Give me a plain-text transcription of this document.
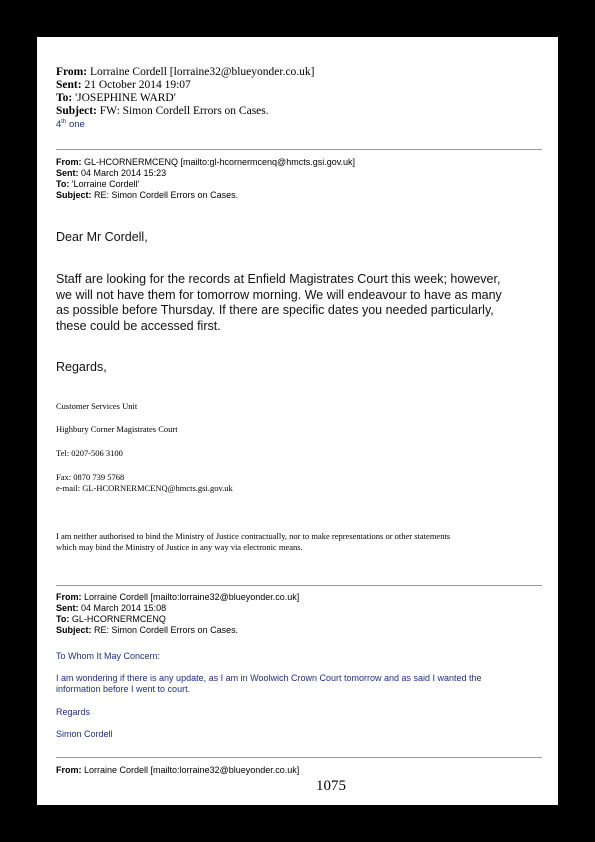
From: Lorraine Cordell [lorraine32@blueyonder.co.uk]
Sent: 21 October 2014 19:07
To: 'JOSEPHINE WARD'
Subject: FW: Simon Cordell Errors on Cases.
4th one
From: GL-HCORNERMCENQ [mailto:gl-hcornermcenq@hmcts.gsi.gov.uk]
Sent: 04 March 2014 15:23
To: 'Lorraine Cordell'
Subject: RE: Simon Cordell Errors on Cases.
Dear Mr Cordell,
Staff are looking for the records at Enfield Magistrates Court this week; however,
we will not have them for tomorrow morning. We will endeavour to have as many
as possible before Thursday. If there are specific dates you needed particularly,
these could be accessed first.
Regards,
Customer Services Unit
Highbury Corner Magistrates Court
Tel: 0207-506 3100
Fax: 0870 739 5768
e-mail: GL-HCORNERMCENQ@hmcts.gsi.gov.uk
I am neither authorised to bind the Ministry of Justice contractually, nor to make representations or other statements
which may bind the Ministry of Justice in any way via electronic means.
From: Lorraine Cordell [mailto:lorraine32@blueyonder.co.uk]
Sent: 04 March 2014 15:08
To: GL-HCORNERMCENQ
Subject: RE: Simon Cordell Errors on Cases.
To Whom It May Concern:
I am wondering if there is any update, as I am in Woolwich Crown Court tomorrow and as said I wanted the
information before I went to court.
Regards
Simon Cordell
From: Lorraine Cordell [mailto:lorraine32@blueyonder.co.uk]
1075
